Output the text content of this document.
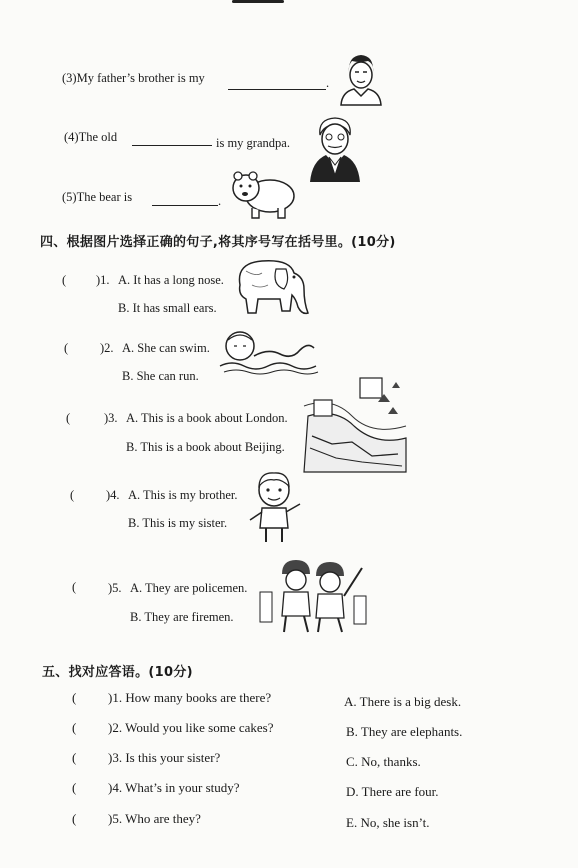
(3)My father’s brother is my	.
(4)The old	is my grandpa.
(5)The bear is	.
四、根据图片选择正确的句子,将其序号写在括号里。(10分)
( )1. A. It has a long nose.
B. It has small ears.
(	)2. A. She can swim.
B. She can run.
(	)3. A. This is a book about London.
B. This is a book about Beijing.
(	)4. A. This is my brother.
B. This is my sister.
(	)5. A. They are policemen.
B. They are firemen.
五、找对应答语。(10分)
( )1. How many books are there?	A. There is a big desk.
( )2. Would you like some cakes?	B. They are elephants.
( )3. Is this your sister?	C. No, thanks.
( )4. What’s in your study?	D. There are four.
( )5. Who are they?	E. No, she isn’t.
